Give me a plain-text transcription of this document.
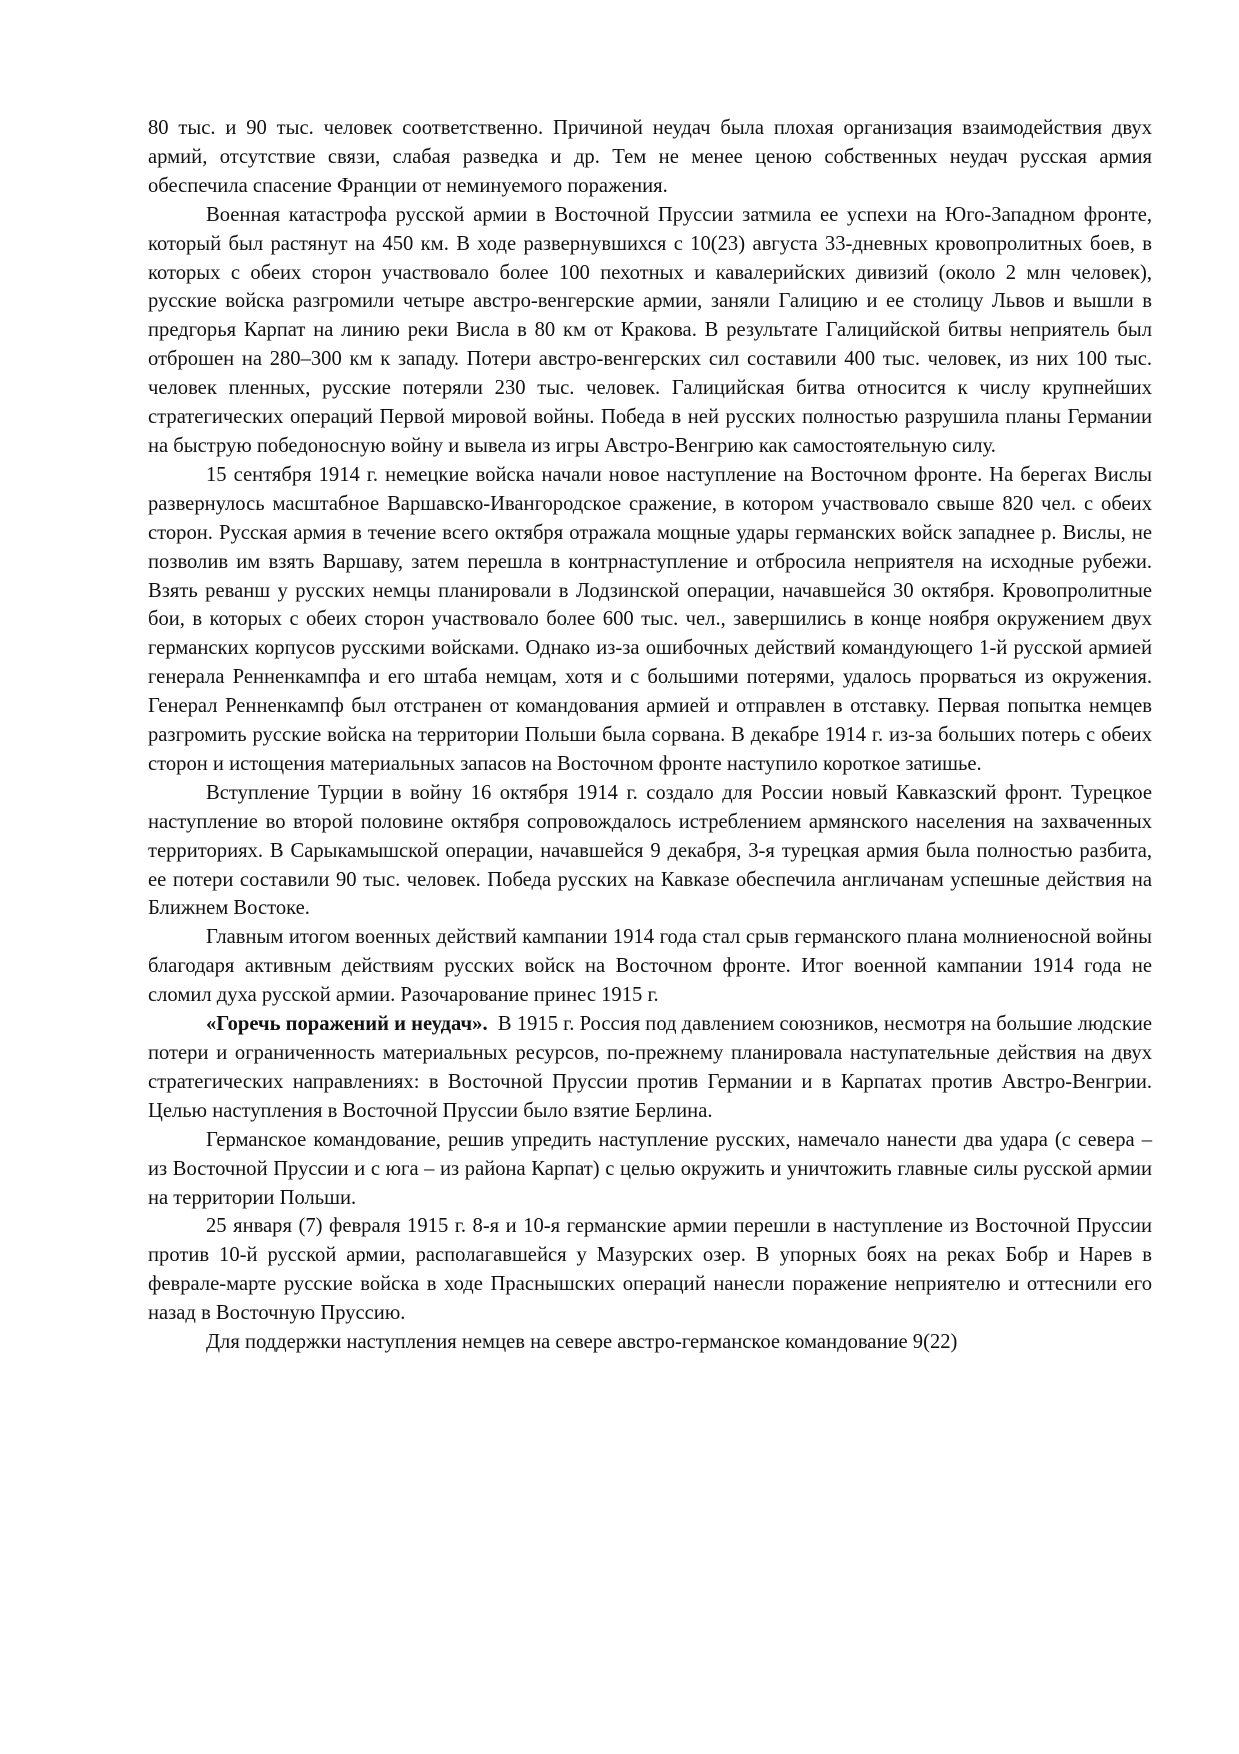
80 тыс. и 90 тыс. человек соответственно. Причиной неудач была плохая организация взаимодействия двух армий, отсутствие связи, слабая разведка и др. Тем не менее ценою собственных неудач русская армия обеспечила спасение Франции от неминуемого поражения.

Военная катастрофа русской армии в Восточной Пруссии затмила ее успехи на Юго-Западном фронте, который был растянут на 450 км. В ходе развернувшихся с 10(23) августа 33-дневных кровопролитных боев, в которых с обеих сторон участвовало более 100 пехотных и кавалерийских дивизий (около 2 млн человек), русские войска разгромили четыре австро-венгерские армии, заняли Галицию и ее столицу Львов и вышли в предгорья Карпат на линию реки Висла в 80 км от Кракова. В результате Галицийской битвы неприятель был отброшен на 280–300 км к западу. Потери австро-венгерских сил составили 400 тыс. человек, из них 100 тыс. человек пленных, русские потеряли 230 тыс. человек. Галицийская битва относится к числу крупнейших стратегических операций Первой мировой войны. Победа в ней русских полностью разрушила планы Германии на быструю победоносную войну и вывела из игры Австро-Венгрию как самостоятельную силу.

15 сентября 1914 г. немецкие войска начали новое наступление на Восточном фронте. На берегах Вислы развернулось масштабное Варшавско-Ивангородское сражение, в котором участвовало свыше 820 чел. с обеих сторон. Русская армия в течение всего октября отражала мощные удары германских войск западнее р. Вислы, не позволив им взять Варшаву, затем перешла в контрнаступление и отбросила неприятеля на исходные рубежи. Взять реванш у русских немцы планировали в Лодзинской операции, начавшейся 30 октября. Кровопролитные бои, в которых с обеих сторон участвовало более 600 тыс. чел., завершились в конце ноября окружением двух германских корпусов русскими войсками. Однако из-за ошибочных действий командующего 1-й русской армией генерала Ренненкампфа и его штаба немцам, хотя и с большими потерями, удалось прорваться из окружения. Генерал Ренненкампф был отстранен от командования армией и отправлен в отставку. Первая попытка немцев разгромить русские войска на территории Польши была сорвана. В декабре 1914 г. из-за больших потерь с обеих сторон и истощения материальных запасов на Восточном фронте наступило короткое затишье.

Вступление Турции в войну 16 октября 1914 г. создало для России новый Кавказский фронт. Турецкое наступление во второй половине октября сопровождалось истреблением армянского населения на захваченных территориях. В Сарыкамышской операции, начавшейся 9 декабря, 3-я турецкая армия была полностью разбита, ее потери составили 90 тыс. человек. Победа русских на Кавказе обеспечила англичанам успешные действия на Ближнем Востоке.

Главным итогом военных действий кампании 1914 года стал срыв германского плана молниеносной войны благодаря активным действиям русских войск на Восточном фронте. Итог военной кампании 1914 года не сломил духа русской армии. Разочарование принес 1915 г.

«Горечь поражений и неудач».  В 1915 г. Россия под давлением союзников, несмотря на большие людские потери и ограниченность материальных ресурсов, по-прежнему планировала наступательные действия на двух стратегических направлениях: в Восточной Пруссии против Германии и в Карпатах против Австро-Венгрии. Целью наступления в Восточной Пруссии было взятие Берлина.

Германское командование, решив упредить наступление русских, намечало нанести два удара (с севера – из Восточной Пруссии и с юга – из района Карпат) с целью окружить и уничтожить главные силы русской армии на территории Польши.

25 января (7) февраля 1915 г. 8-я и 10-я германские армии перешли в наступление из Восточной Пруссии против 10-й русской армии, располагавшейся у Мазурских озер. В упорных боях на реках Бобр и Нарев в феврале-марте русские войска в ходе Праснышских операций нанесли поражение неприятелю и оттеснили его назад в Восточную Пруссию.

Для поддержки наступления немцев на севере австро-германское командование 9(22)
